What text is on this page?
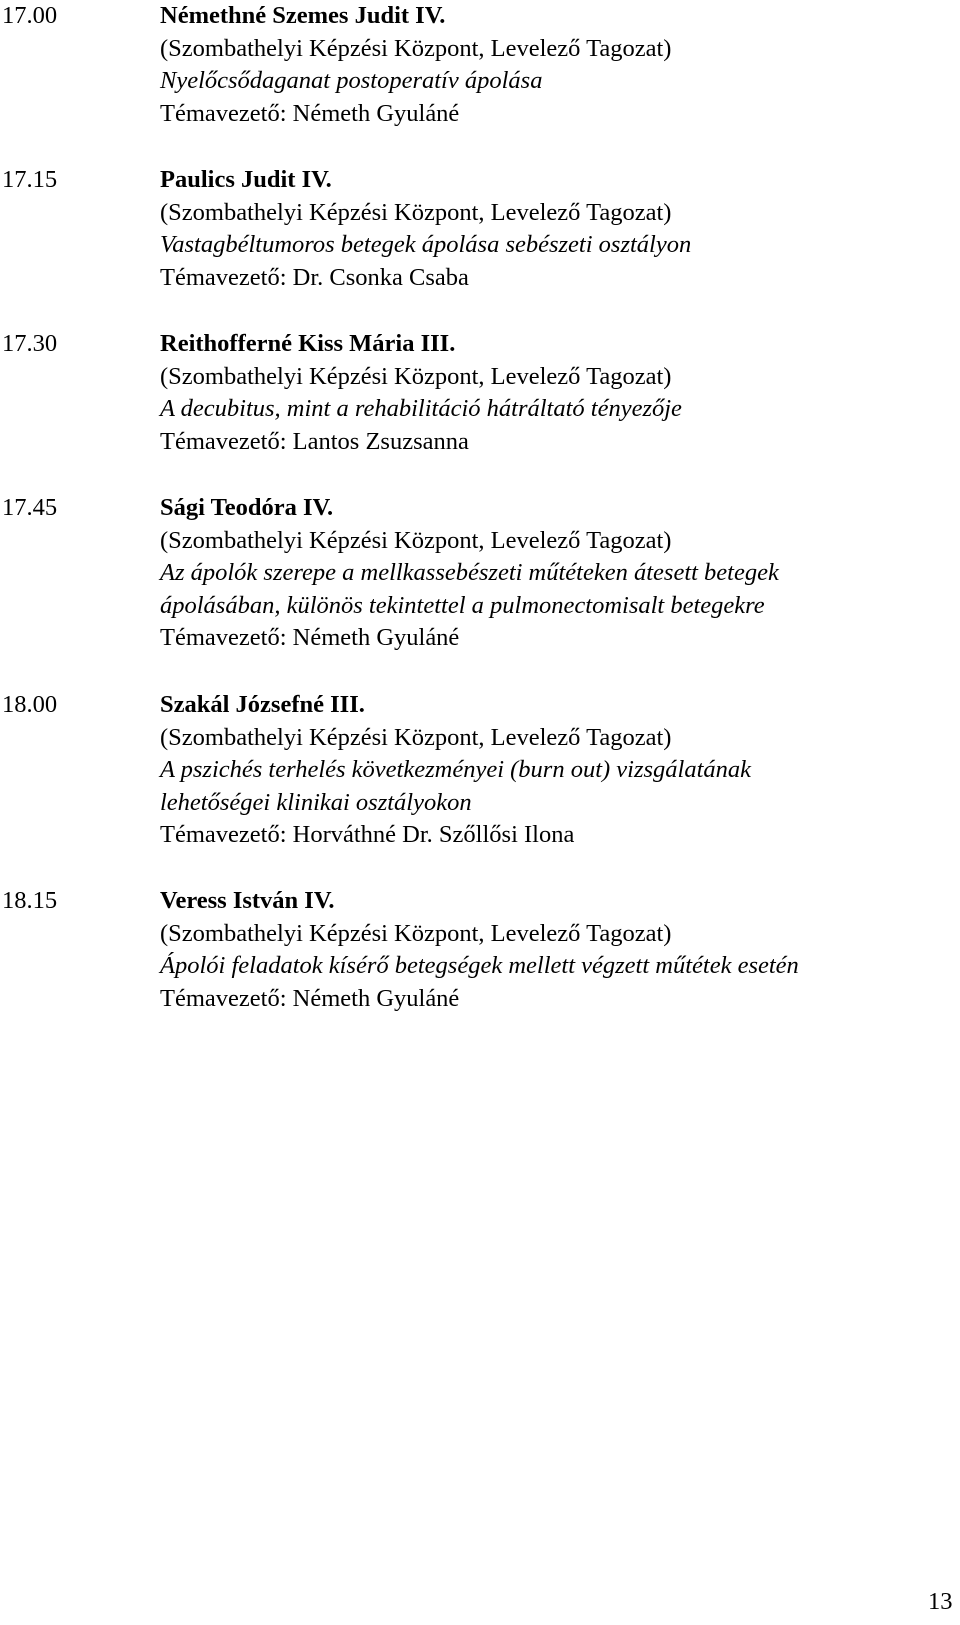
17.00	Némethné Szemes Judit IV.
(Szombathelyi Képzési Központ, Levelező Tagozat)
Nyelőcsődaganat postoperatív ápolása
Témavezető: Németh Gyuláné
17.15	Paulics Judit IV.
(Szombathelyi Képzési Központ, Levelező Tagozat)
Vastagbéltumoros betegek ápolása sebészeti osztályon
Témavezető: Dr. Csonka Csaba
17.30	Reithofferné Kiss Mária III.
(Szombathelyi Képzési Központ, Levelező Tagozat)
A decubitus, mint a rehabilitáció hátráltató tényezője
Témavezető: Lantos Zsuzsanna
17.45	Sági Teodóra IV.
(Szombathelyi Képzési Központ, Levelező Tagozat)
Az ápolók szerepe a mellkassebészeti műtéteken átesett betegek
ápolásában, különös tekintettel a pulmonectomisalt betegekre
Témavezető: Németh Gyuláné
18.00	Szakál Józsefné III.
(Szombathelyi Képzési Központ, Levelező Tagozat)
A pszichés terhelés következményei (burn out) vizsgálatának
lehetőségei klinikai osztályokon
Témavezető: Horváthné Dr. Szőllősi Ilona
18.15	Veress István IV.
(Szombathelyi Képzési Központ, Levelező Tagozat)
Ápolói feladatok kísérő betegségek mellett végzett műtétek esetén
Témavezető: Németh Gyuláné
13
